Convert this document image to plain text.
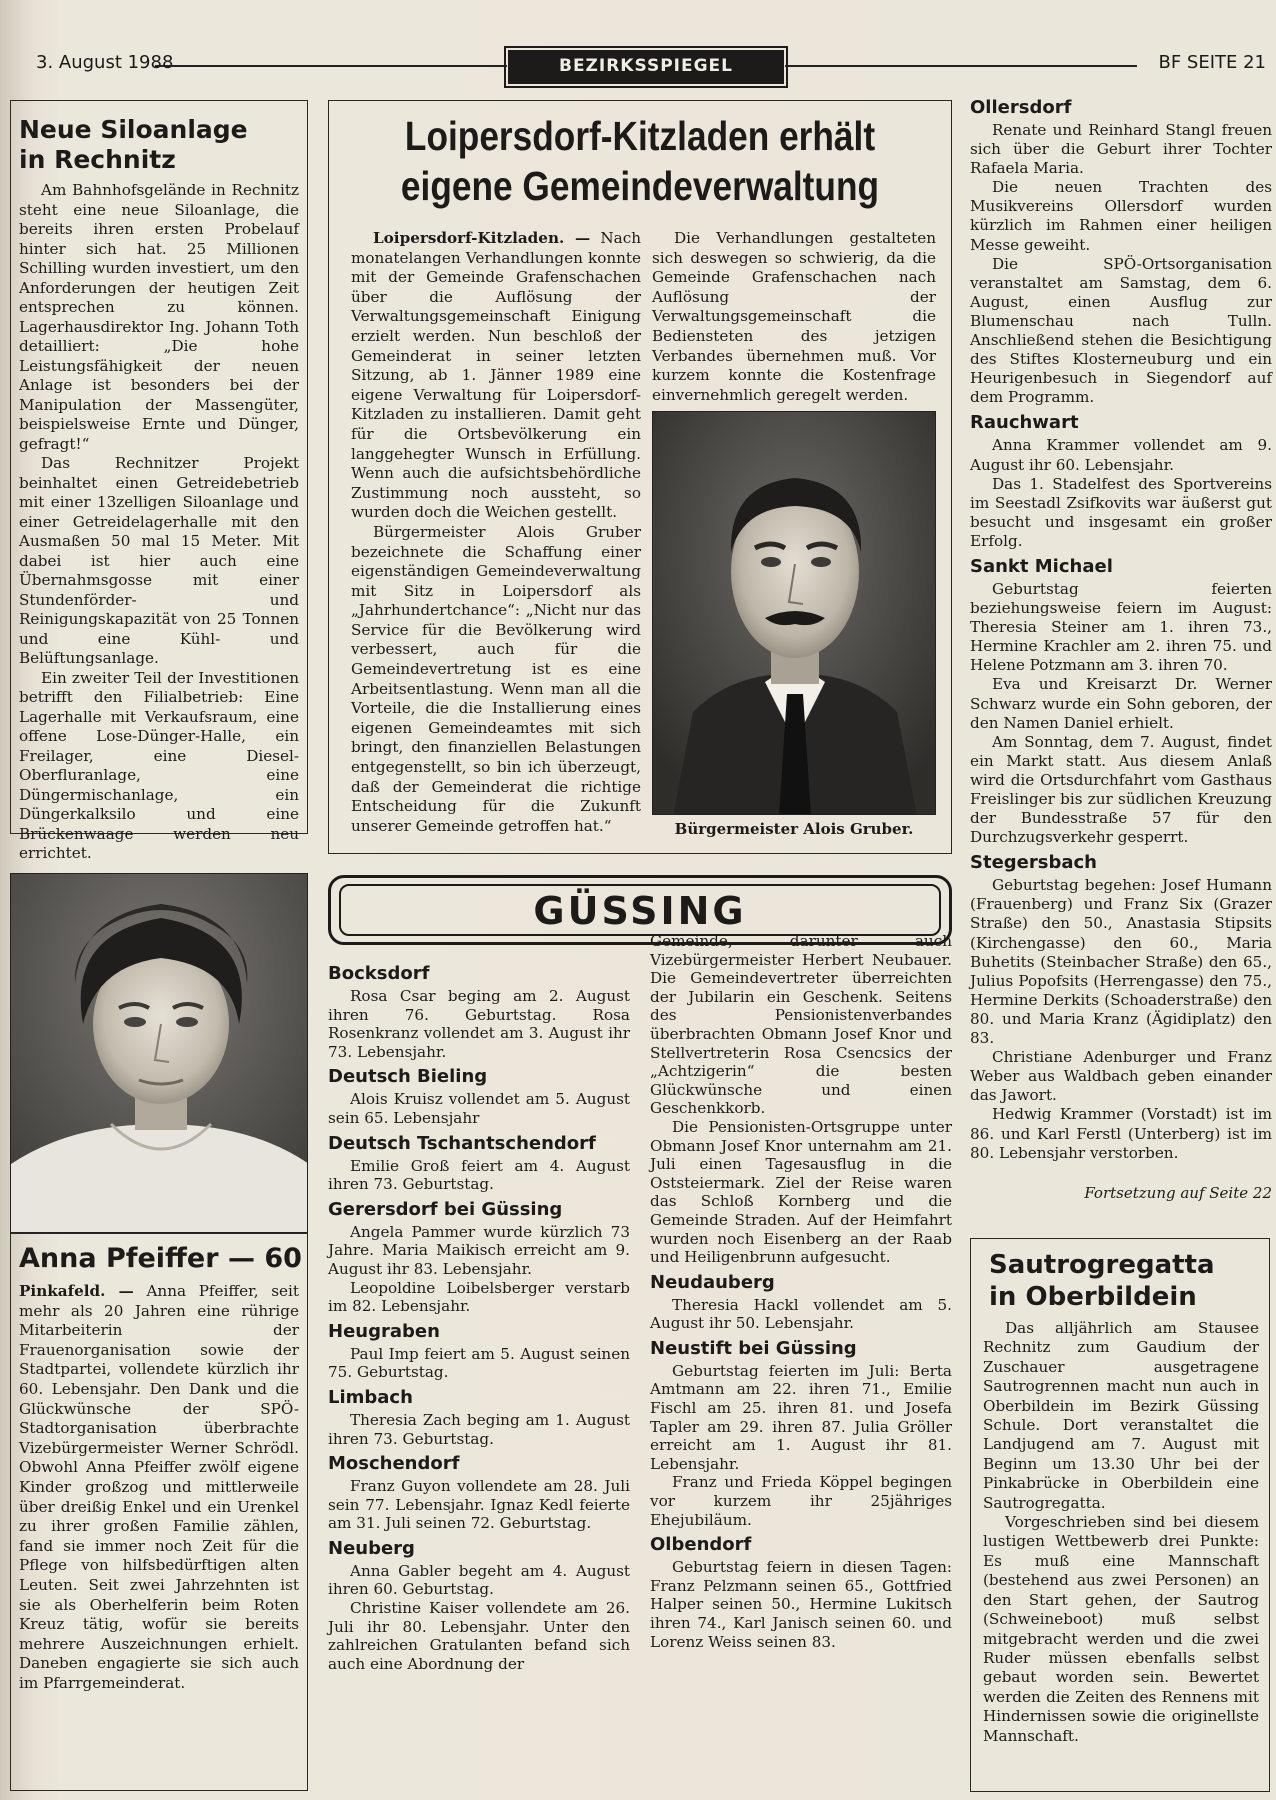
3. August 1988	BEZIRKSSPIEGEL	BF SEITE 21
Neue Siloanlage
in Rechnitz

Am Bahnhofsgelände in Rechnitz steht eine neue Siloanlage, die bereits ihren ersten Probelauf hinter sich hat. 25 Millionen Schilling wurden investiert, um den Anforderungen der heutigen Zeit entsprechen zu können. Lagerhausdirektor Ing. Johann Toth detailliert: „Die hohe Leistungsfähigkeit der neuen Anlage ist besonders bei der Manipulation der Massengüter, beispielsweise Ernte und Dünger, gefragt!“

Das Rechnitzer Projekt beinhaltet einen Getreidebetrieb mit einer 13zelligen Siloanlage und einer Getreidelagerhalle mit den Ausmaßen 50 mal 15 Meter. Mit dabei ist hier auch eine Übernahmsgosse mit einer Stundenförder- und Reinigungskapazität von 25 Tonnen und eine Kühl- und Belüftungsanlage.

Ein zweiter Teil der Investitionen betrifft den Filialbetrieb: Eine Lagerhalle mit Verkaufsraum, eine offene Lose-Dünger-Halle, ein Freilager, eine Diesel-Oberfluranlage, eine Düngermischanlage, ein Düngerkalksilo und eine Brückenwaage werden neu errichtet.

Loipersdorf-Kitzladen erhält
eigene Gemeindeverwaltung

Loipersdorf-Kitzladen. — Nach monatelangen Verhandlungen konnte mit der Gemeinde Grafenschachen über die Auflösung der Verwaltungsgemeinschaft Einigung erzielt werden. Nun beschloß der Gemeinderat in seiner letzten Sitzung, ab 1. Jänner 1989 eine eigene Verwaltung für Loipersdorf-Kitzladen zu installieren. Damit geht für die Ortsbevölkerung ein langgehegter Wunsch in Erfüllung. Wenn auch die aufsichtsbehördliche Zustimmung noch aussteht, so wurden doch die Weichen gestellt.

Bürgermeister Alois Gruber bezeichnete die Schaffung einer eigenständigen Gemeindeverwaltung mit Sitz in Loipersdorf als „Jahrhundertchance“: „Nicht nur das Service für die Bevölkerung wird verbessert, auch für die Gemeindevertretung ist es eine Arbeitsentlastung. Wenn man all die Vorteile, die die Installierung eines eigenen Gemeindeamtes mit sich bringt, den finanziellen Belastungen entgegenstellt, so bin ich überzeugt, daß der Gemeinderat die richtige Entscheidung für die Zukunft unserer Gemeinde getroffen hat.“

Die Verhandlungen gestalteten sich deswegen so schwierig, da die Gemeinde Grafenschachen nach Auflösung der Verwaltungsgemeinschaft die Bediensteten des jetzigen Verbandes übernehmen muß. Vor kurzem konnte die Kostenfrage einvernehmlich geregelt werden.

Bürgermeister Alois Gruber.
Anna Pfeiffer — 60

Pinkafeld. — Anna Pfeiffer, seit mehr als 20 Jahren eine rührige Mitarbeiterin der Frauenorganisation sowie der Stadtpartei, vollendete kürzlich ihr 60. Lebensjahr. Den Dank und die Glückwünsche der SPÖ-Stadtorganisation überbrachte Vizebürgermeister Werner Schrödl. Obwohl Anna Pfeiffer zwölf eigene Kinder großzog und mittlerweile über dreißig Enkel und ein Urenkel zu ihrer großen Familie zählen, fand sie immer noch Zeit für die Pflege von hilfsbedürftigen alten Leuten. Seit zwei Jahrzehnten ist sie als Oberhelferin beim Roten Kreuz tätig, wofür sie bereits mehrere Auszeichnungen erhielt. Daneben engagierte sie sich auch im Pfarrgemeinderat.

GÜSSING
Bocksdorf

Rosa Csar beging am 2. August ihren 76. Geburtstag. Rosa Rosenkranz vollendet am 3. August ihr 73. Lebensjahr.

Deutsch Bieling

Alois Kruisz vollendet am 5. August sein 65. Lebensjahr

Deutsch Tschantschendorf

Emilie Groß feiert am 4. August ihren 73. Geburtstag.

Gerersdorf bei Güssing

Angela Pammer wurde kürzlich 73 Jahre. Maria Maikisch erreicht am 9. August ihr 83. Lebensjahr.

Leopoldine Loibelsberger verstarb im 82. Lebensjahr.

Heugraben

Paul Imp feiert am 5. August seinen 75. Geburtstag.

Limbach

Theresia Zach beging am 1. August ihren 73. Geburtstag.

Moschendorf

Franz Guyon vollendete am 28. Juli sein 77. Lebensjahr. Ignaz Kedl feierte am 31. Juli seinen 72. Geburtstag.

Neuberg

Anna Gabler begeht am 4. August ihren 60. Geburtstag.

Christine Kaiser vollendete am 26. Juli ihr 80. Lebensjahr. Unter den zahlreichen Gratulanten befand sich auch eine Abordnung der

Gemeinde, darunter auch Vizebürgermeister Herbert Neubauer. Die Gemeindevertreter überreichten der Jubilarin ein Geschenk. Seitens des Pensionistenverbandes überbrachten Obmann Josef Knor und Stellvertreterin Rosa Csencsics der „Achtzigerin“ die besten Glückwünsche und einen Geschenkkorb.

Die Pensionisten-Ortsgruppe unter Obmann Josef Knor unternahm am 21. Juli einen Tagesausflug in die Oststeiermark. Ziel der Reise waren das Schloß Kornberg und die Gemeinde Straden. Auf der Heimfahrt wurden noch Eisenberg an der Raab und Heiligenbrunn aufgesucht.

Neudauberg

Theresia Hackl vollendet am 5. August ihr 50. Lebensjahr.

Neustift bei Güssing

Geburtstag feierten im Juli: Berta Amtmann am 22. ihren 71., Emilie Fischl am 25. ihren 81. und Josefa Tapler am 29. ihren 87. Julia Gröller erreicht am 1. August ihr 81. Lebensjahr.

Franz und Frieda Köppel begingen vor kurzem ihr 25jähriges Ehejubiläum.

Olbendorf

Geburtstag feiern in diesen Tagen: Franz Pelzmann seinen 65., Gottfried Halper seinen 50., Hermine Lukitsch ihren 74., Karl Janisch seinen 60. und Lorenz Weiss seinen 83.

Ollersdorf

Renate und Reinhard Stangl freuen sich über die Geburt ihrer Tochter Rafaela Maria.

Die neuen Trachten des Musikvereins Ollersdorf wurden kürzlich im Rahmen einer heiligen Messe geweiht.

Die SPÖ-Ortsorganisation veranstaltet am Samstag, dem 6. August, einen Ausflug zur Blumenschau nach Tulln. Anschließend stehen die Besichtigung des Stiftes Klosterneuburg und ein Heurigenbesuch in Siegendorf auf dem Programm.

Rauchwart

Anna Krammer vollendet am 9. August ihr 60. Lebensjahr.

Das 1. Stadelfest des Sportvereins im Seestadl Zsifkovits war äußerst gut besucht und insgesamt ein großer Erfolg.

Sankt Michael

Geburtstag feierten beziehungsweise feiern im August: Theresia Steiner am 1. ihren 73., Hermine Krachler am 2. ihren 75. und Helene Potzmann am 3. ihren 70.

Eva und Kreisarzt Dr. Werner Schwarz wurde ein Sohn geboren, der den Namen Daniel erhielt.

Am Sonntag, dem 7. August, findet ein Markt statt. Aus diesem Anlaß wird die Ortsdurchfahrt vom Gasthaus Freislinger bis zur südlichen Kreuzung der Bundesstraße 57 für den Durchzugsverkehr gesperrt.

Stegersbach

Geburtstag begehen: Josef Humann (Frauenberg) und Franz Six (Grazer Straße) den 50., Anastasia Stipsits (Kirchengasse) den 60., Maria Buhetits (Steinbacher Straße) den 65., Julius Popofsits (Herrengasse) den 75., Hermine Derkits (Schoaderstraße) den 80. und Maria Kranz (Ägidiplatz) den 83.

Christiane Adenburger und Franz Weber aus Waldbach geben einander das Jawort.

Hedwig Krammer (Vorstadt) ist im 86. und Karl Ferstl (Unterberg) ist im 80. Lebensjahr verstorben.

Fortsetzung auf Seite 22
Sautrogregatta
in Oberbildein

Das alljährlich am Stausee Rechnitz zum Gaudium der Zuschauer ausgetragene Sautrogrennen macht nun auch in Oberbildein im Bezirk Güssing Schule. Dort veranstaltet die Landjugend am 7. August mit Beginn um 13.30 Uhr bei der Pinkabrücke in Oberbildein eine Sautrogregatta.

Vorgeschrieben sind bei diesem lustigen Wettbewerb drei Punkte: Es muß eine Mannschaft (bestehend aus zwei Personen) an den Start gehen, der Sautrog (Schweineboot) muß selbst mitgebracht werden und die zwei Ruder müssen ebenfalls selbst gebaut worden sein. Bewertet werden die Zeiten des Rennens mit Hindernissen sowie die originellste Mannschaft.
